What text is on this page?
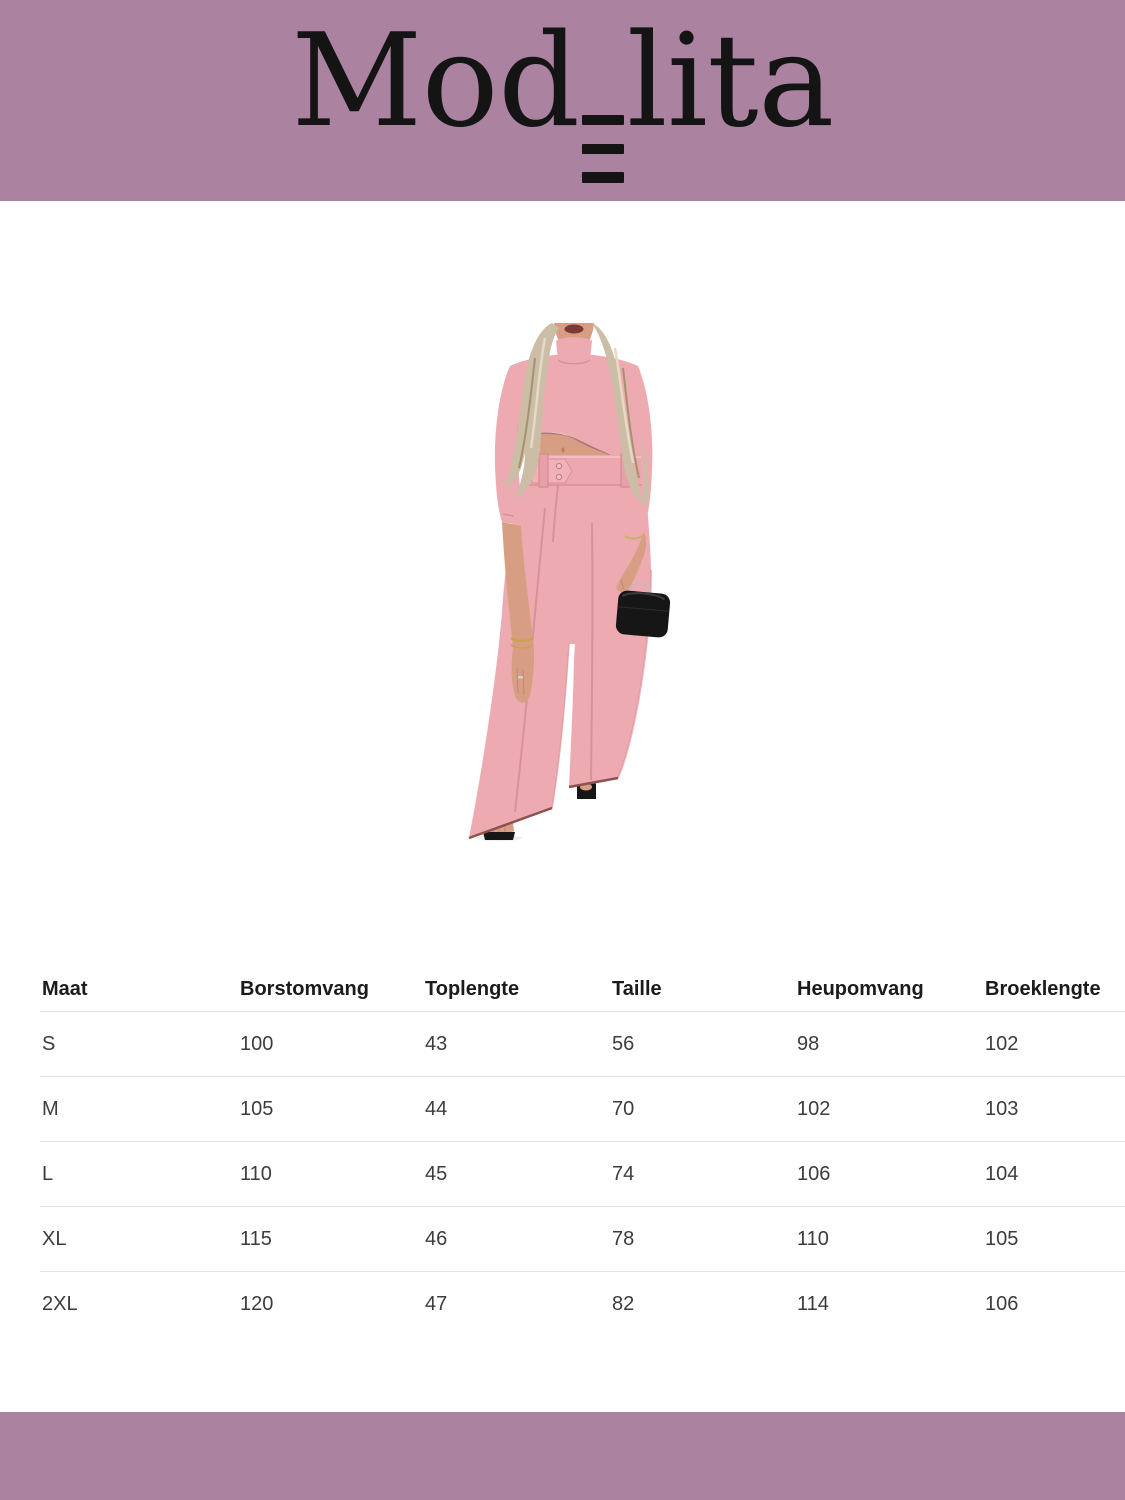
Mod lita
Maat	Borstomvang	Toplengte	Taille	Heupomvang	Broeklengte
S	100	43	56	98	102
M	105	44	70	102	103
L	110	45	74	106	104
XL	115	46	78	110	105
2XL	120	47	82	114	106
